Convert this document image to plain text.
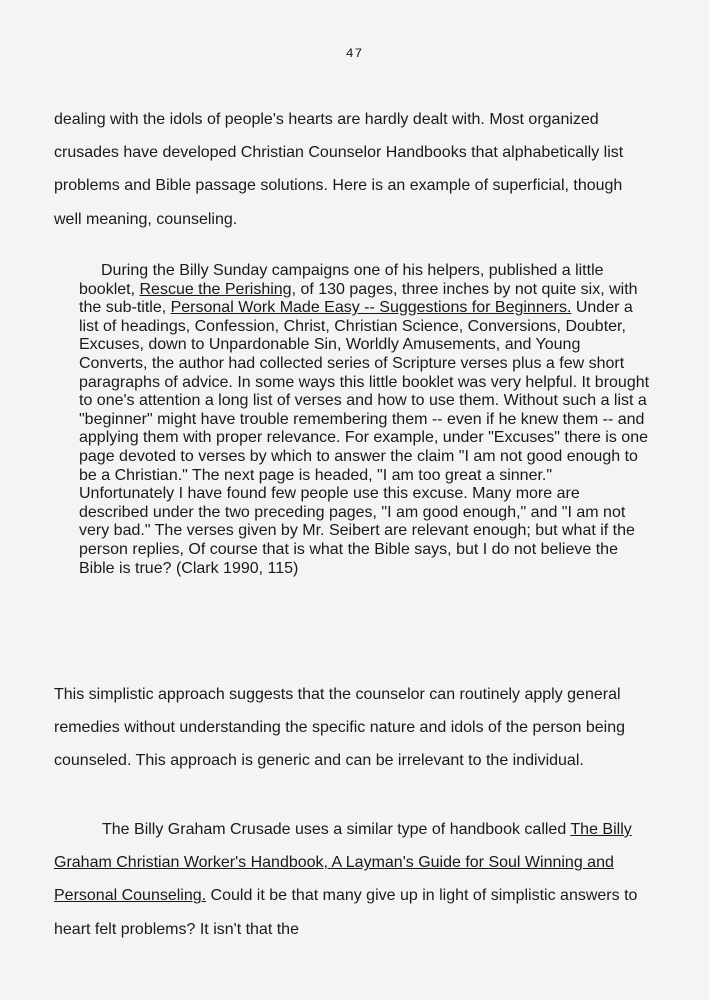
47
dealing with the idols of people's hearts are hardly dealt with. Most organized crusades have developed Christian Counselor Handbooks that alphabetically list problems and Bible passage solutions. Here is an example of superficial, though well meaning, counseling.
During the Billy Sunday campaigns one of his helpers, published a little booklet, Rescue the Perishing, of 130 pages, three inches by not quite six, with the sub-title, Personal Work Made Easy -- Suggestions for Beginners. Under a list of headings, Confession, Christ, Christian Science, Conversions, Doubter, Excuses, down to Unpardonable Sin, Worldly Amusements, and Young Converts, the author had collected series of Scripture verses plus a few short paragraphs of advice. In some ways this little booklet was very helpful. It brought to one's attention a long list of verses and how to use them. Without such a list a "beginner" might have trouble remembering them -- even if he knew them -- and applying them with proper relevance. For example, under "Excuses" there is one page devoted to verses by which to answer the claim "I am not good enough to be a Christian." The next page is headed, "I am too great a sinner." Unfortunately I have found few people use this excuse. Many more are described under the two preceding pages, "I am good enough," and "I am not very bad." The verses given by Mr. Seibert are relevant enough; but what if the person replies, Of course that is what the Bible says, but I do not believe the Bible is true? (Clark 1990, 115)
This simplistic approach suggests that the counselor can routinely apply general remedies without understanding the specific nature and idols of the person being counseled. This approach is generic and can be irrelevant to the individual.
The Billy Graham Crusade uses a similar type of handbook called The Billy Graham Christian Worker's Handbook, A Layman's Guide for Soul Winning and Personal Counseling. Could it be that many give up in light of simplistic answers to heart felt problems? It isn't that the
